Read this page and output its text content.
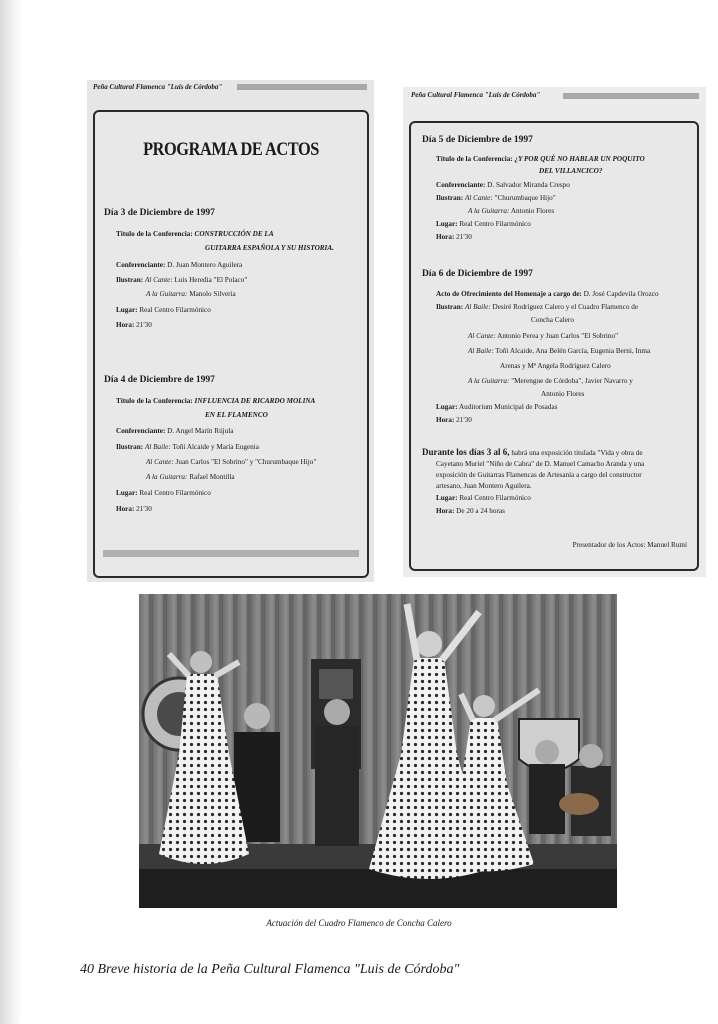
Peña Cultural Flamenca "Luis de Córdoba"
PROGRAMA DE ACTOS
Día 3 de Diciembre de 1997
Título de la Conferencia: CONSTRUCCIÓN DE LA
GUITARRA ESPAÑOLA Y SU HISTORIA.
Conferenciante: D. Juan Montero Aguilera
Ilustran: Al Cante: Luis Heredia "El Polaco"
A la Guitarra: Manolo Silveria
Lugar: Real Centro Filarmónico
Hora: 21'30
Día 4 de Diciembre de 1997
Título de la Conferencia: INFLUENCIA DE RICARDO MOLINA
EN EL FLAMENCO
Conferenciante: D. Angel Marín Rújula
Ilustran: Al Baile: Toñi Alcaide y María Eugenia
Al Cante: Juan Carlos "El Sobrino" y "Churumbaque Hijo"
A la Guitarra: Rafael Montilla
Lugar: Real Centro Filarmónico
Hora: 21'30
Peña Cultural Flamenca "Luis de Córdoba"
Día 5 de Diciembre de 1997
Título de la Conferencia: ¿Y POR QUÉ NO HABLAR UN POQUITO
DEL VILLANCICO?
Conferenciante: D. Salvador Miranda Crespo
Ilustran: Al Cante: "Churumbaque Hijo"
A la Guitarra: Antonio Flores
Lugar: Real Centro Filarmónico
Hora: 21'30
Día 6 de Diciembre de 1997
Acto de Ofrecimiento del Homenaje a cargo de: D. José Capdevila Orozco
Ilustran: Al Baile: Desiré Rodríguez Calero y el Cuadro Flamenco de
Concha Calero
Al Cante: Antonio Perea y Juan Carlos "El Sobrino"
Al Baile: Toñi Alcaide, Ana Belén García, Eugenia Berni, Inma
Arenas y Mª Angela Rodríguez Calero
A la Guitarra: "Merengue de Córdoba", Javier Navarro y
Antonio Flores
Lugar: Auditorium Municipal de Posadas
Hora: 21'30
Durante los días 3 al 6, habrá una exposición titulada "Vida y obra de
Cayetano Muriel "Niño de Cabra" de D. Manuel Camacho Aranda y una
exposición de Guitarras Flamencas de Artesanía a cargo del constructor
artesano, Juan Montero Aguilera.
Lugar: Real Centro Filarmónico
Hora: De 20 a 24 horas
Presentador de los Actos: Manuel Rumí
Actuación del Cuadro Flamenco de Concha Calero
40 Breve historia de la Peña Cultural Flamenca "Luis de Córdoba"
